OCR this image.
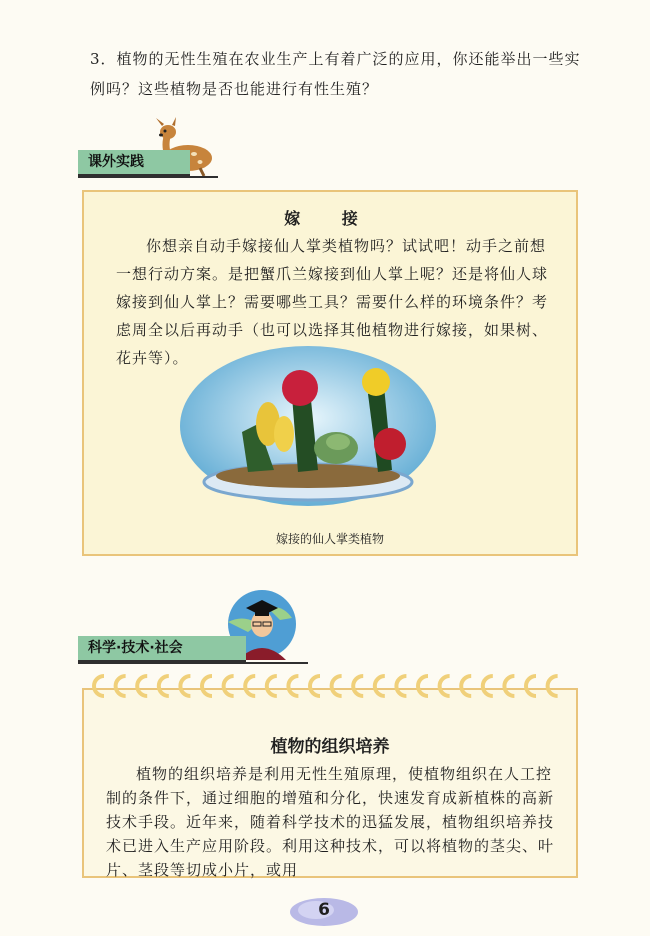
3．植物的无性生殖在农业生产上有着广泛的应用，你还能举出一些实例吗？这些植物是否也能进行有性生殖？
课外实践
嫁 接
你想亲自动手嫁接仙人掌类植物吗？试试吧！动手之前想一想行动方案。是把蟹爪兰嫁接到仙人掌上呢？还是将仙人球嫁接到仙人掌上？需要哪些工具？需要什么样的环境条件？考虑周全以后再动手（也可以选择其他植物进行嫁接，如果树、花卉等）。
嫁接的仙人掌类植物
科学·技术·社会
植物的组织培养
植物的组织培养是利用无性生殖原理，使植物组织在人工控制的条件下，通过细胞的增殖和分化，快速发育成新植株的高新技术手段。近年来，随着科学技术的迅猛发展，植物组织培养技术已进入生产应用阶段。利用这种技术，可以将植物的茎尖、叶片、茎段等切成小片，或用
6
